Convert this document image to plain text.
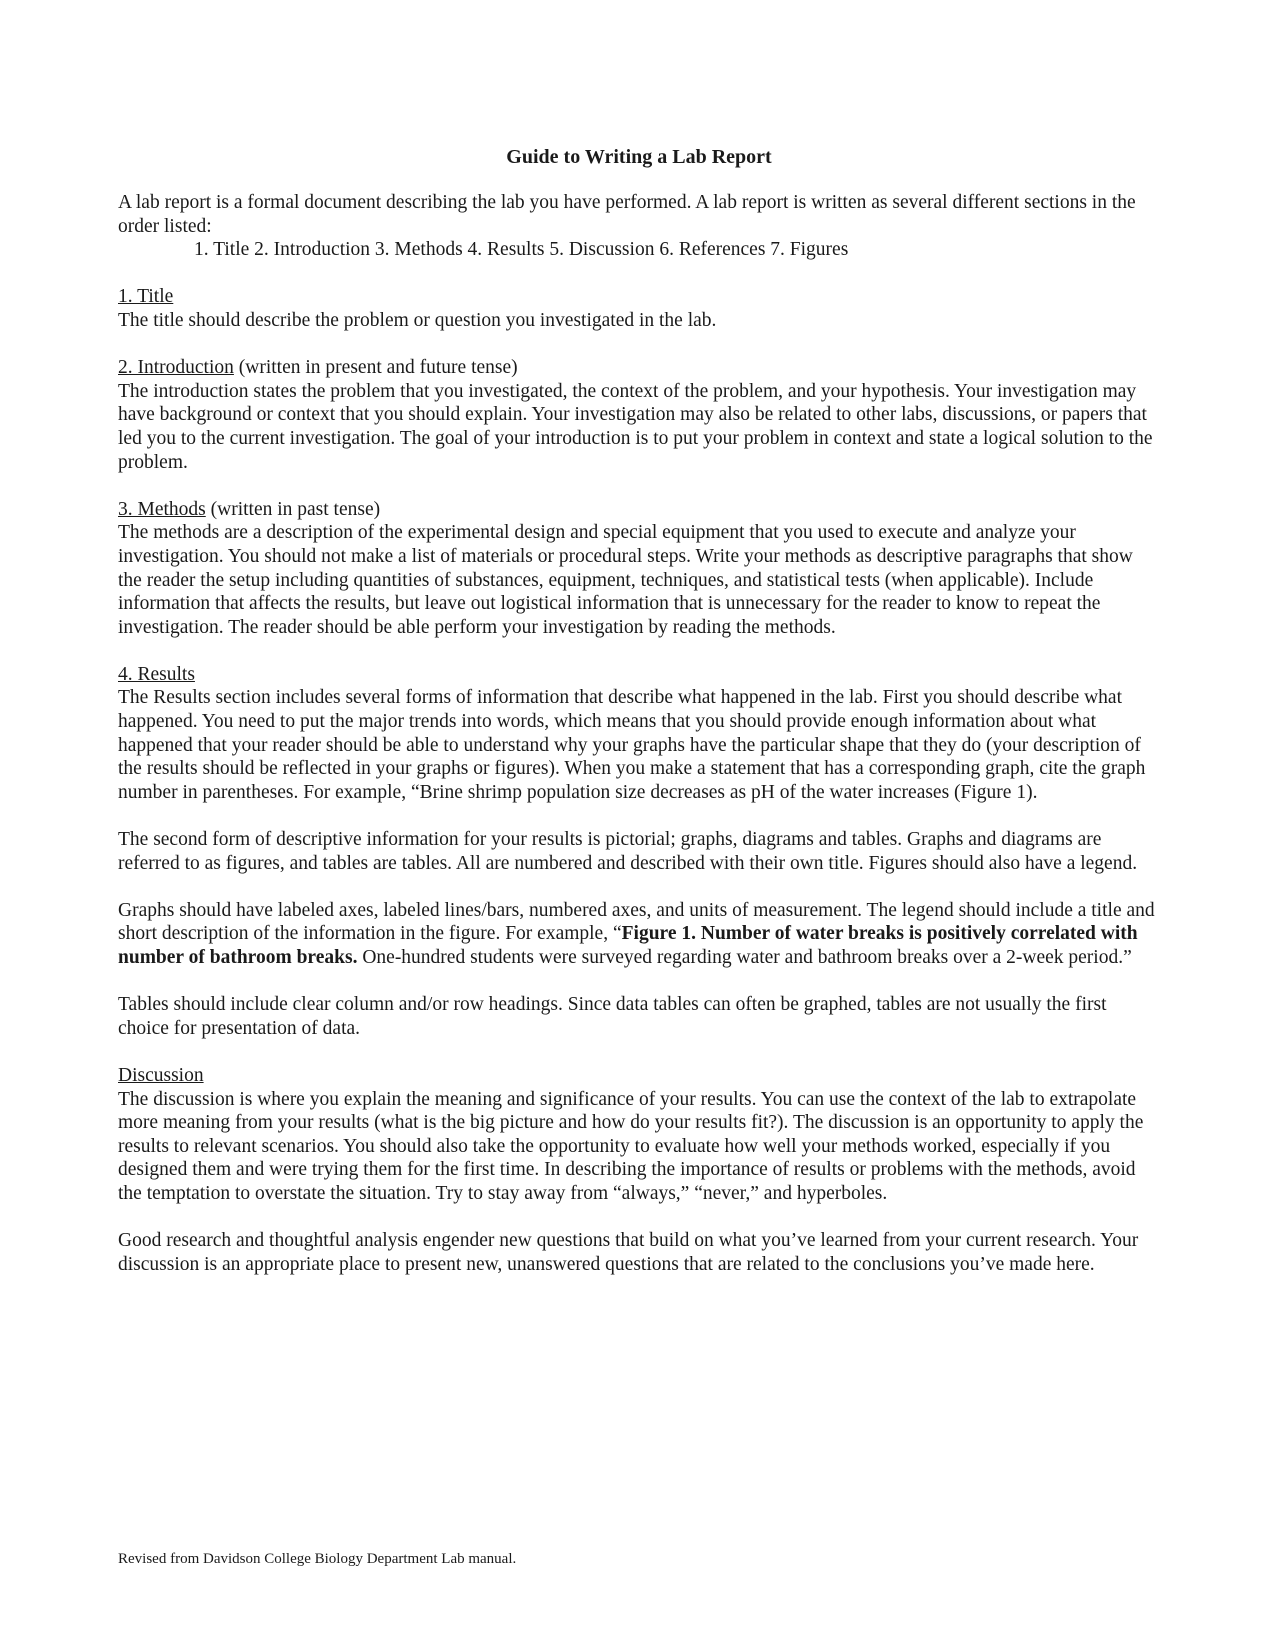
Guide to Writing a Lab Report

A lab report is a formal document describing the lab you have performed. A lab report is written as several different sections in the order listed:

1. Title 2. Introduction 3. Methods 4. Results 5. Discussion 6. References 7. Figures

1. Title

The title should describe the problem or question you investigated in the lab.

2. Introduction (written in present and future tense)

The introduction states the problem that you investigated, the context of the problem, and your hypothesis. Your investigation may have background or context that you should explain. Your investigation may also be related to other labs, discussions, or papers that led you to the current investigation. The goal of your introduction is to put your problem in context and state a logical solution to the problem.

3. Methods (written in past tense)

The methods are a description of the experimental design and special equipment that you used to execute and analyze your investigation. You should not make a list of materials or procedural steps. Write your methods as descriptive paragraphs that show the reader the setup including quantities of substances, equipment, techniques, and statistical tests (when applicable). Include information that affects the results, but leave out logistical information that is unnecessary for the reader to know to repeat the investigation. The reader should be able perform your investigation by reading the methods.

4. Results

The Results section includes several forms of information that describe what happened in the lab. First you should describe what happened. You need to put the major trends into words, which means that you should provide enough information about what happened that your reader should be able to understand why your graphs have the particular shape that they do (your description of the results should be reflected in your graphs or figures). When you make a statement that has a corresponding graph, cite the graph number in parentheses. For example, “Brine shrimp population size decreases as pH of the water increases (Figure 1).

The second form of descriptive information for your results is pictorial; graphs, diagrams and tables. Graphs and diagrams are referred to as figures, and tables are tables. All are numbered and described with their own title. Figures should also have a legend.

Graphs should have labeled axes, labeled lines/bars, numbered axes, and units of measurement. The legend should include a title and short description of the information in the figure. For example, “Figure 1. Number of water breaks is positively correlated with number of bathroom breaks. One-hundred students were surveyed regarding water and bathroom breaks over a 2-week period.”

Tables should include clear column and/or row headings. Since data tables can often be graphed, tables are not usually the first choice for presentation of data.

Discussion

The discussion is where you explain the meaning and significance of your results. You can use the context of the lab to extrapolate more meaning from your results (what is the big picture and how do your results fit?). The discussion is an opportunity to apply the results to relevant scenarios. You should also take the opportunity to evaluate how well your methods worked, especially if you designed them and were trying them for the first time. In describing the importance of results or problems with the methods, avoid the temptation to overstate the situation. Try to stay away from “always,” “never,” and hyperboles.

Good research and thoughtful analysis engender new questions that build on what you’ve learned from your current research. Your discussion is an appropriate place to present new, unanswered questions that are related to the conclusions you’ve made here.

Revised from Davidson College Biology Department Lab manual.
